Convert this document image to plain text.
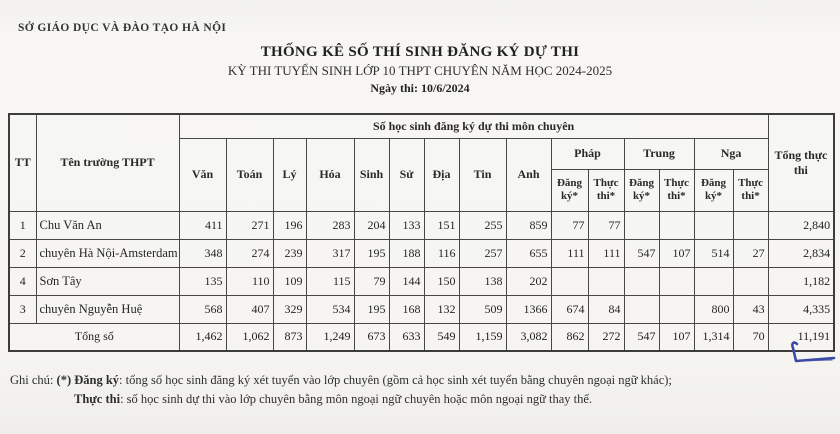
SỞ GIÁO DỤC VÀ ĐÀO TẠO HÀ NỘI
THỐNG KÊ SỐ THÍ SINH ĐĂNG KÝ DỰ THI
KỲ THI TUYỂN SINH LỚP 10 THPT CHUYÊN NĂM HỌC 2024-2025
Ngày thi: 10/6/2024
TT	Tên trường THPT	Số học sinh đăng ký dự thi môn chuyên															Tổng thực thi
		Văn	Toán	Lý	Hóa	Sinh	Sử	Địa	Tin	Anh	Pháp		Trung		Nga		
											Đăng ký*	Thực thi*	Đăng ký*	Thực thi*	Đăng ký*	Thực thi*	
1	Chu Văn An	411	271	196	283	204	133	151	255	859	77	77					2,840
2	chuyên Hà Nội-Amsterdam	348	274	239	317	195	188	116	257	655	111	111	547	107	514	27	2,834
4	Sơn Tây	135	110	109	115	79	144	150	138	202							1,182
3	chuyên Nguyễn Huệ	568	407	329	534	195	168	132	509	1366	674	84			800	43	4,335
Tổng số		1,462	1,062	873	1,249	673	633	549	1,159	3,082	862	272	547	107	1,314	70	11,191
Ghi chú: (*) Đăng ký: tổng số học sinh đăng ký xét tuyển vào lớp chuyên (gồm cả học sinh xét tuyển bằng chuyên ngoại ngữ khác);
Thực thi: số học sinh dự thi vào lớp chuyên bằng môn ngoại ngữ chuyên hoặc môn ngoại ngữ thay thế.
